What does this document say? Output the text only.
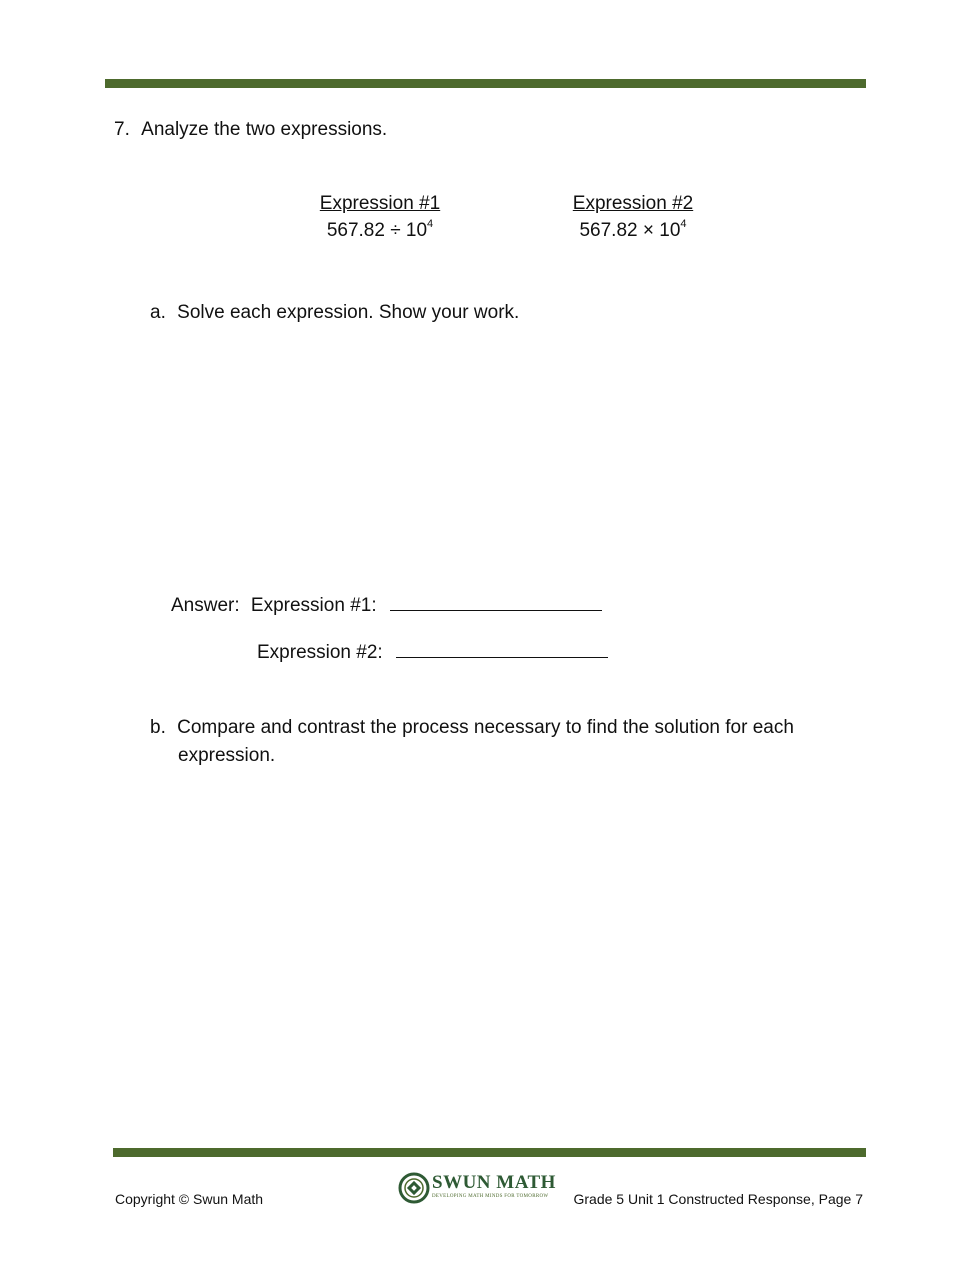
7. Analyze the two expressions.
Expression #1
$567.82 \div 10^4$
Expression #2
$567.82 \times 10^4$
a. Solve each expression. Show your work.
Answer: Expression #1:
Expression #2:
b. Compare and contrast the process necessary to find the solution for each
expression.
Copyright © Swun Math
SWUN MATH
DEVELOPING MATH MINDS FOR TOMORROW Grade 5 Unit 1 Constructed Response, Page 7
